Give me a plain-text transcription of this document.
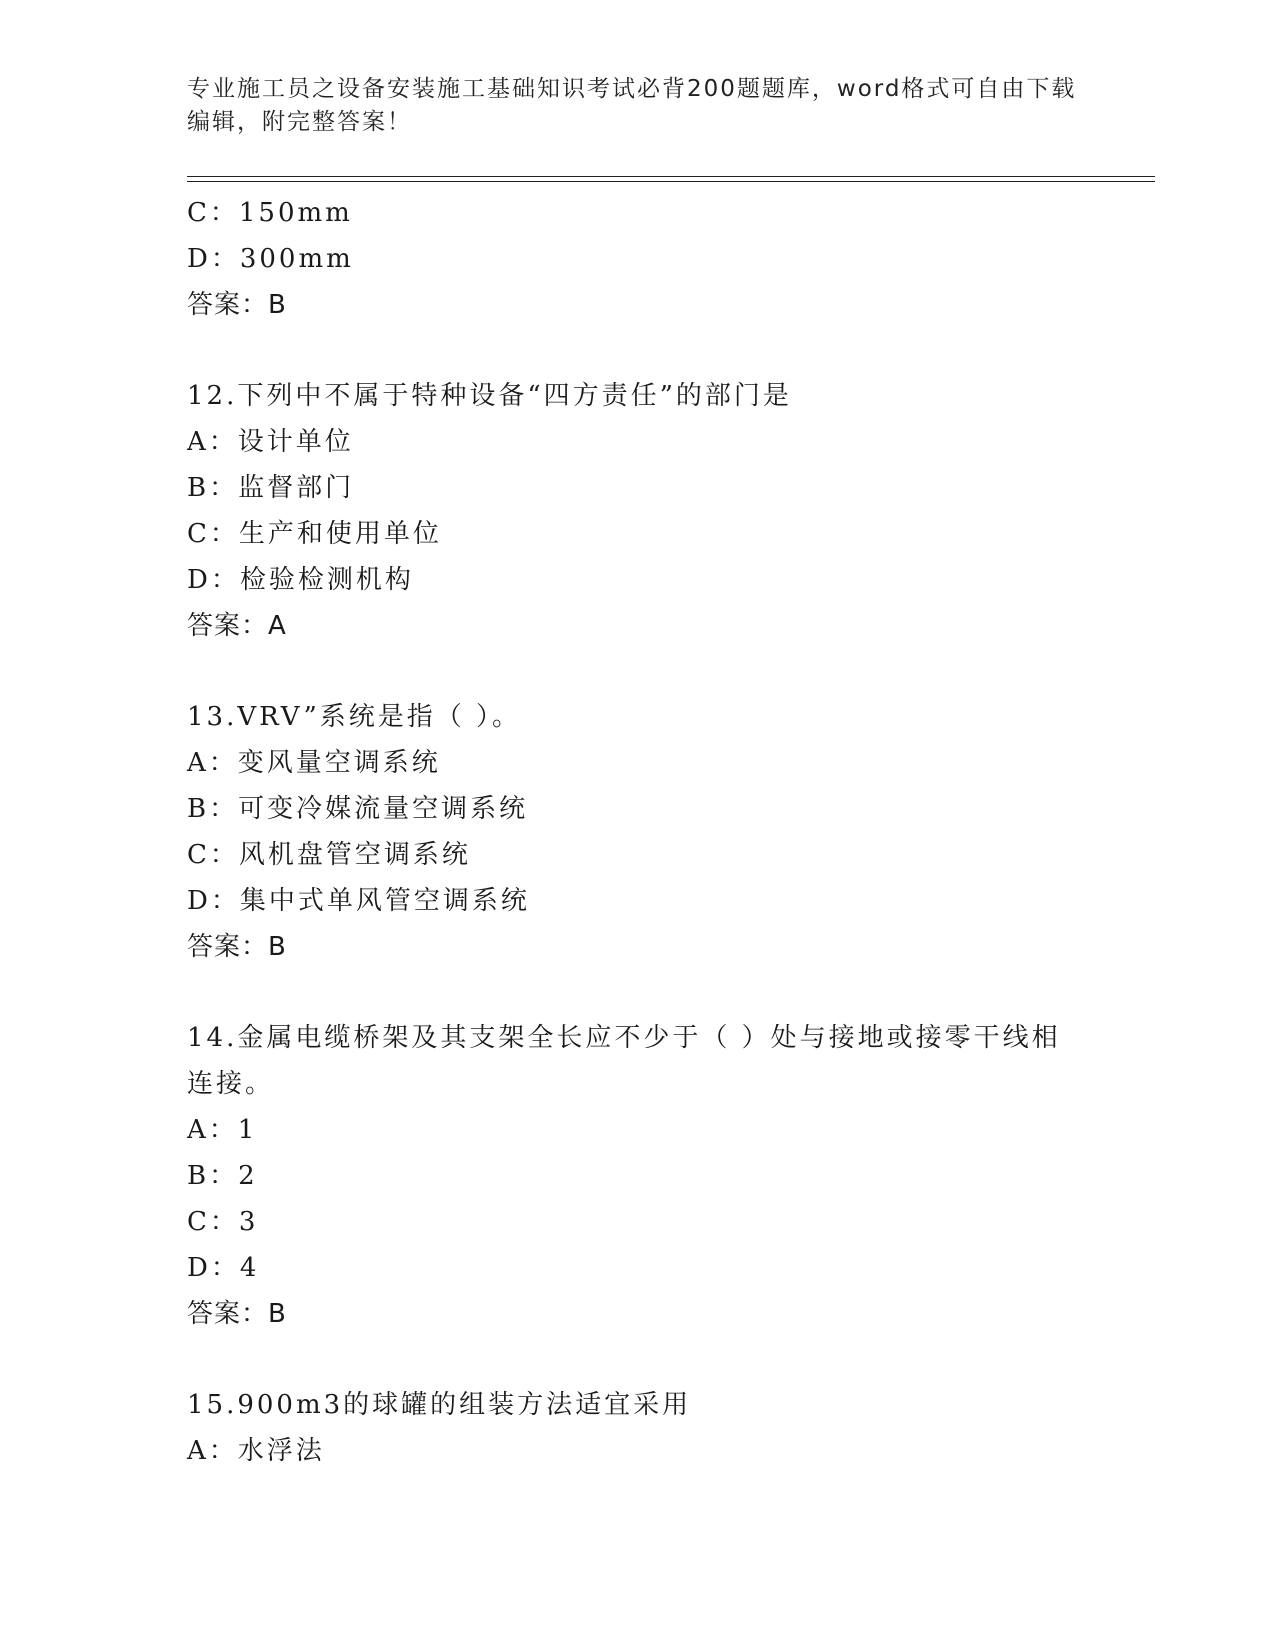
专业施工员之设备安装施工基础知识考试必背200题题库，word格式可自由下载
编辑，附完整答案！
C：150mm
D：300mm
答案：B
12.下列中不属于特种设备“四方责任”的部门是
A：设计单位
B：监督部门
C：生产和使用单位
D：检验检测机构
答案：A
13.VRV”系统是指（ ）。
A：变风量空调系统
B：可变冷媒流量空调系统
C：风机盘管空调系统
D：集中式单风管空调系统
答案：B
14.金属电缆桥架及其支架全长应不少于（ ）处与接地或接零干线相
连接。
A：1
B：2
C：3
D：4
答案：B
15.900m3的球罐的组装方法适宜采用
A：水浮法
